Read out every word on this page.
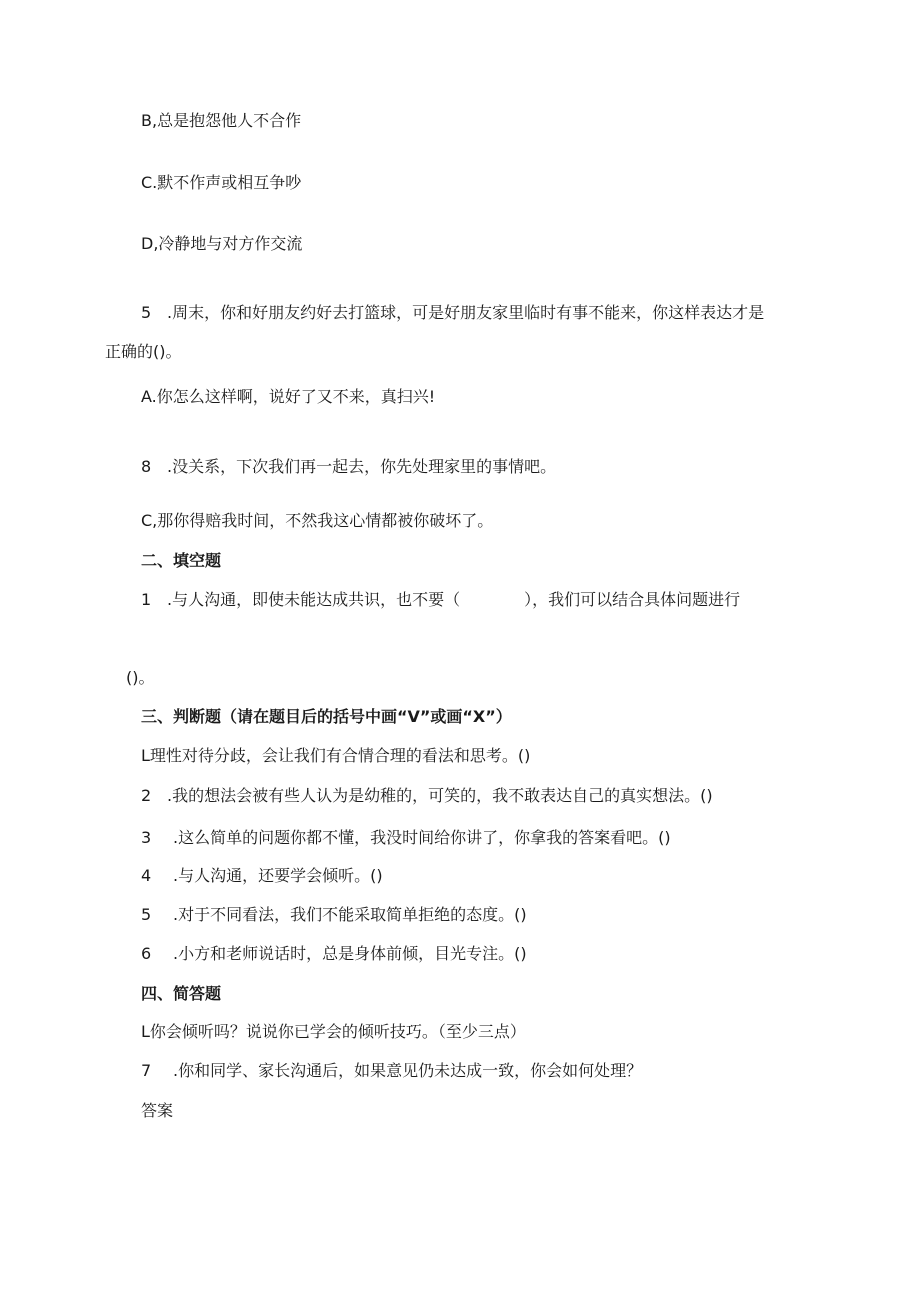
B,总是抱怨他人不合作
C.默不作声或相互争吵
D,冷静地与对方作交流
5 .周末，你和好朋友约好去打篮球，可是好朋友家里临时有事不能来，你这样表达才是
正确的()。
A.你怎么这样啊，说好了又不来，真扫兴!
8 .没关系，下次我们再一起去，你先处理家里的事情吧。
C,那你得赔我时间，不然我这心情都被你破坏了。
二、填空题
1 .与人沟通，即使未能达成共识，也不要（	），我们可以结合具体问题进行
()。
三、判断题（请在题目后的括号中画“V”或画“X”）
L理性对待分歧，会让我们有合情合理的看法和思考。()
2 .我的想法会被有些人认为是幼稚的，可笑的，我不敢表达自己的真实想法。()
3 .这么简单的问题你都不懂，我没时间给你讲了，你拿我的答案看吧。()
4 .与人沟通，还要学会倾听。()
5 .对于不同看法，我们不能采取简单拒绝的态度。()
6 .小方和老师说话时，总是身体前倾，目光专注。()
四、简答题
L你会倾听吗？说说你已学会的倾听技巧。（至少三点）
7 .你和同学、家长沟通后，如果意见仍未达成一致，你会如何处理？
答案
